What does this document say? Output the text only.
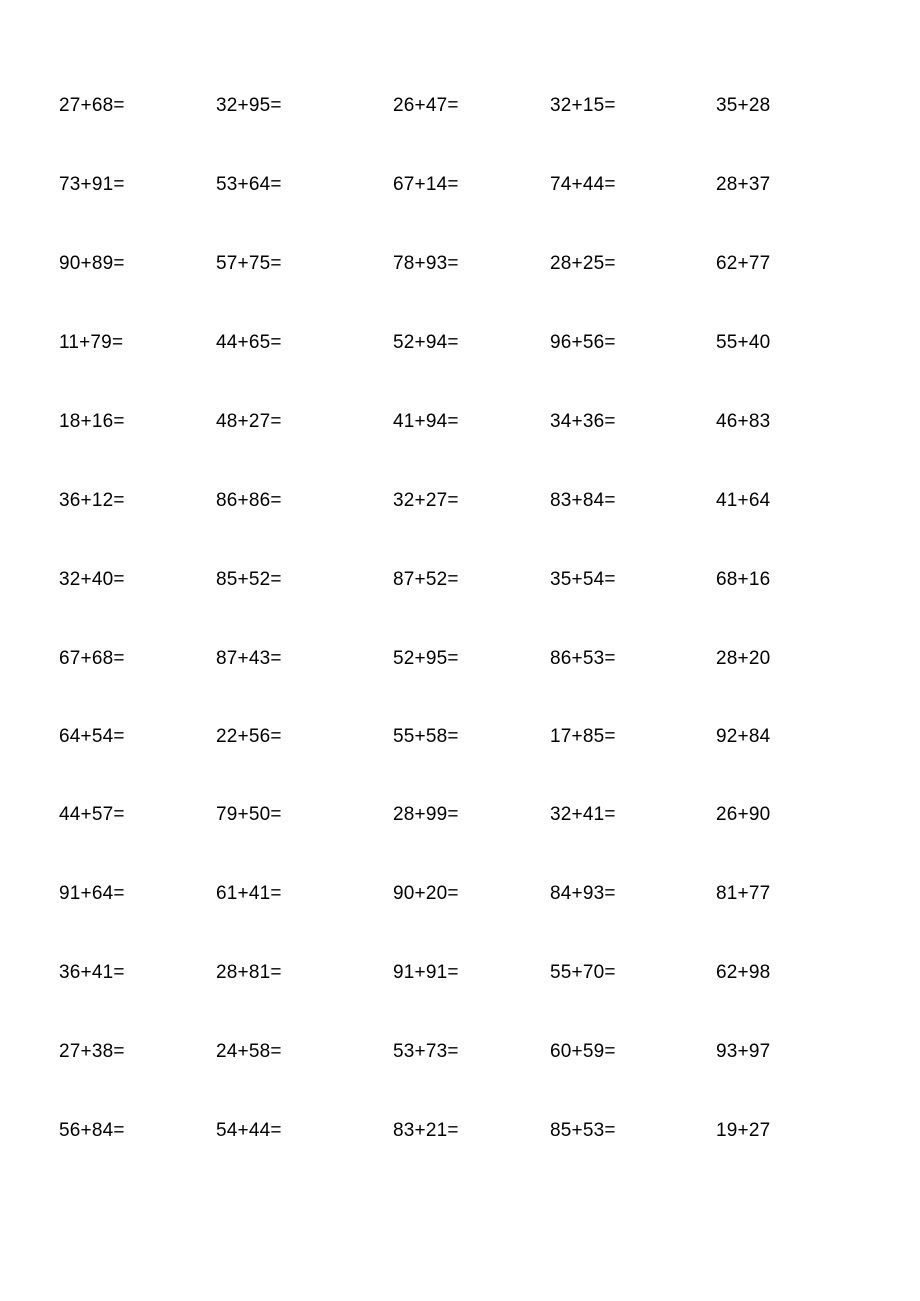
27+68=	32+95=	26+47=	32+15=	35+28
73+91=	53+64=	67+14=	74+44=	28+37
90+89=	57+75=	78+93=	28+25=	62+77
11+79=	44+65=	52+94=	96+56=	55+40
18+16=	48+27=	41+94=	34+36=	46+83
36+12=	86+86=	32+27=	83+84=	41+64
32+40=	85+52=	87+52=	35+54=	68+16
67+68=	87+43=	52+95=	86+53=	28+20
64+54=	22+56=	55+58=	17+85=	92+84
44+57=	79+50=	28+99=	32+41=	26+90
91+64=	61+41=	90+20=	84+93=	81+77
36+41=	28+81=	91+91=	55+70=	62+98
27+38=	24+58=	53+73=	60+59=	93+97
56+84=	54+44=	83+21=	85+53=	19+27
